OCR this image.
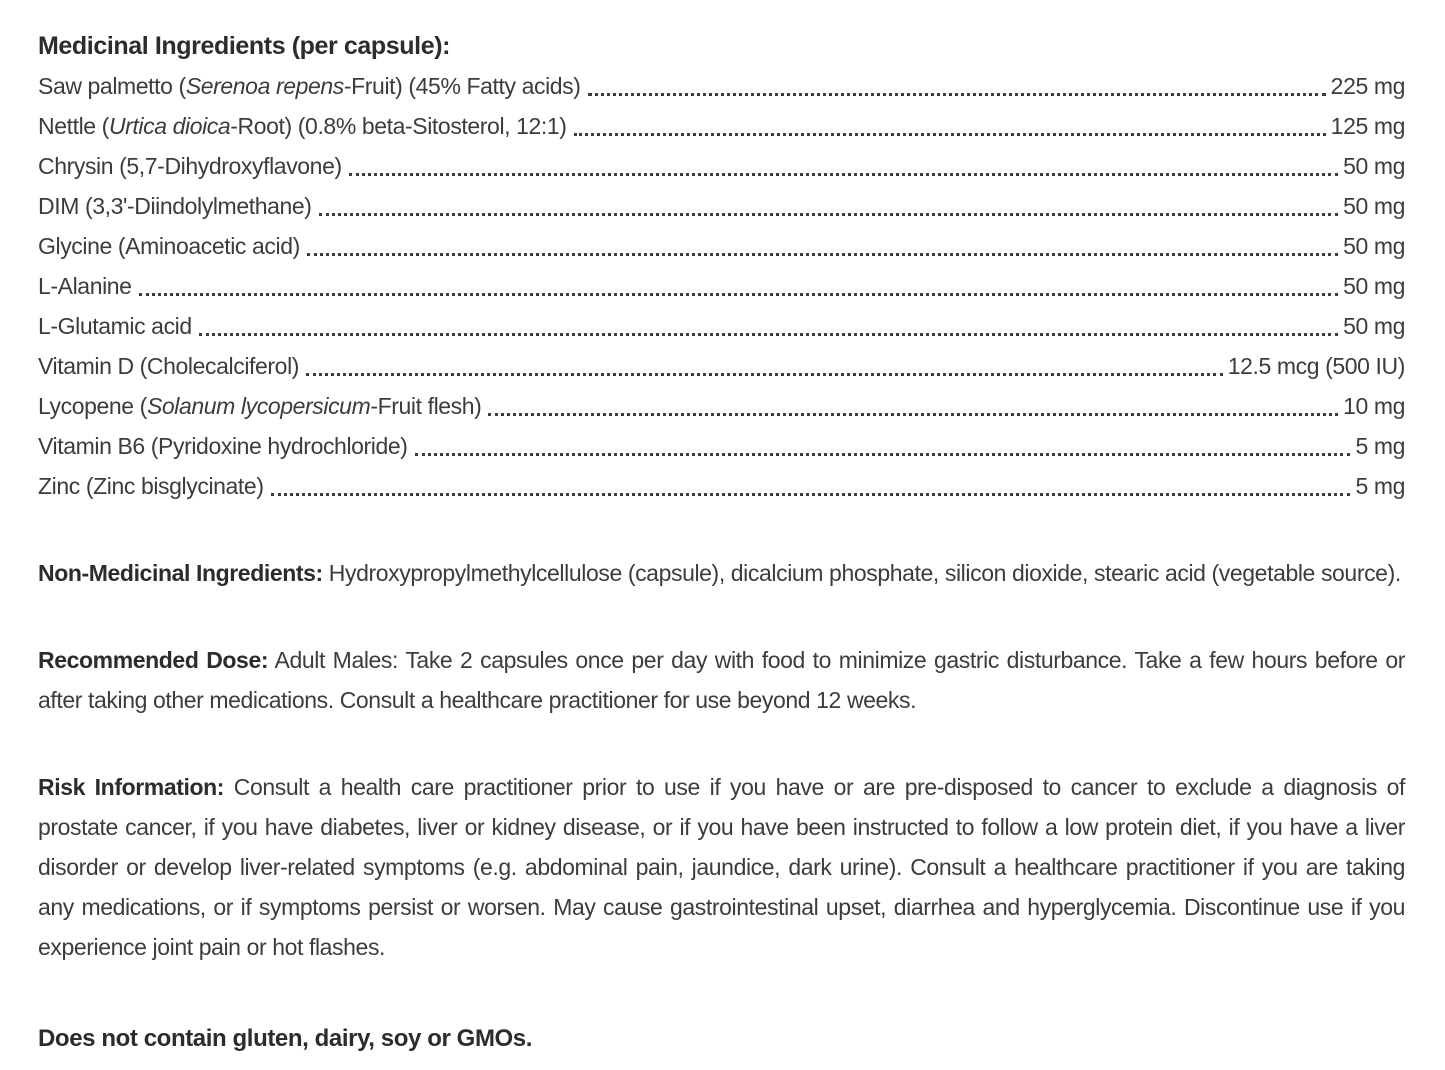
Medicinal Ingredients (per capsule):
Saw palmetto (Serenoa repens-Fruit) (45% Fatty acids)	225 mg
Nettle (Urtica dioica-Root) (0.8% beta-Sitosterol, 12:1)	125 mg
Chrysin (5,7-Dihydroxyflavone)	50 mg
DIM (3,3'-Diindolylmethane)	50 mg
Glycine (Aminoacetic acid)	50 mg
L-Alanine	50 mg
L-Glutamic acid	50 mg
Vitamin D (Cholecalciferol)	12.5 mcg (500 IU)
Lycopene (Solanum lycopersicum-Fruit flesh)	10 mg
Vitamin B6 (Pyridoxine hydrochloride)	5 mg
Zinc (Zinc bisglycinate)	5 mg
Non-Medicinal Ingredients: Hydroxypropylmethylcellulose (capsule), dicalcium phosphate, silicon dioxide, stearic acid (vegetable source).
Recommended Dose: Adult Males: Take 2 capsules once per day with food to minimize gastric disturbance. Take a few hours before or after taking other medications. Consult a healthcare practitioner for use beyond 12 weeks.
Risk Information: Consult a health care practitioner prior to use if you have or are pre-disposed to cancer to exclude a diagnosis of prostate cancer, if you have diabetes, liver or kidney disease, or if you have been instructed to follow a low protein diet, if you have a liver disorder or develop liver-related symptoms (e.g. abdominal pain, jaundice, dark urine). Consult a healthcare practitioner if you are taking any medications, or if symptoms persist or worsen. May cause gastrointestinal upset, diarrhea and hyperglycemia. Discontinue use if you experience joint pain or hot flashes.
Does not contain gluten, dairy, soy or GMOs.
